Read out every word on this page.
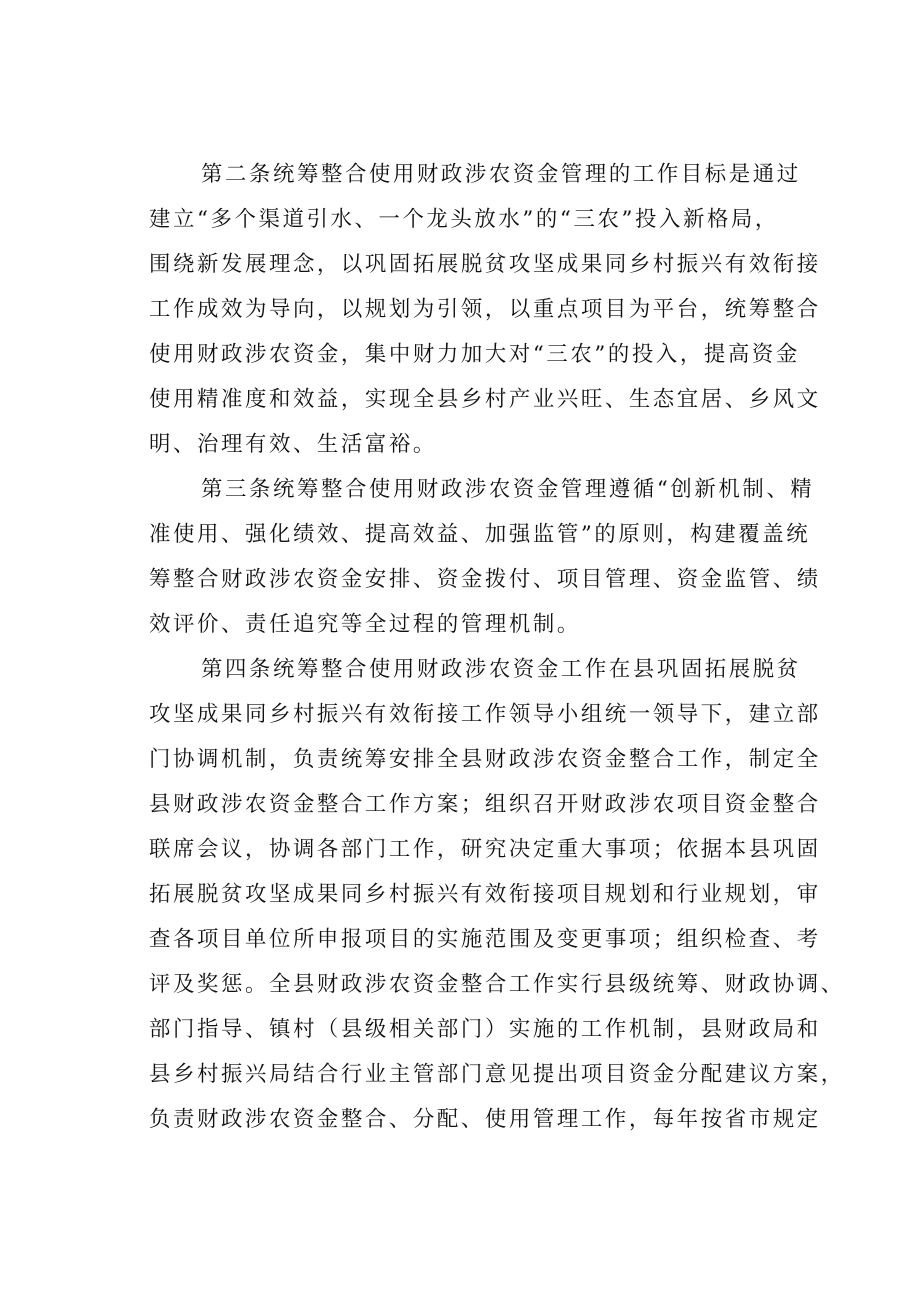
第二条统筹整合使用财政涉农资金管理的工作目标是通过
建立“多个渠道引水、一个龙头放水”的“三农”投入新格局，
围绕新发展理念，以巩固拓展脱贫攻坚成果同乡村振兴有效衔接
工作成效为导向，以规划为引领，以重点项目为平台，统筹整合
使用财政涉农资金，集中财力加大对“三农”的投入，提高资金
使用精准度和效益，实现全县乡村产业兴旺、生态宜居、乡风文
明、治理有效、生活富裕。
第三条统筹整合使用财政涉农资金管理遵循“创新机制、精
准使用、强化绩效、提高效益、加强监管”的原则，构建覆盖统
筹整合财政涉农资金安排、资金拨付、项目管理、资金监管、绩
效评价、责任追究等全过程的管理机制。
第四条统筹整合使用财政涉农资金工作在县巩固拓展脱贫
攻坚成果同乡村振兴有效衔接工作领导小组统一领导下，建立部
门协调机制，负责统筹安排全县财政涉农资金整合工作，制定全
县财政涉农资金整合工作方案；组织召开财政涉农项目资金整合
联席会议，协调各部门工作，研究决定重大事项；依据本县巩固
拓展脱贫攻坚成果同乡村振兴有效衔接项目规划和行业规划，审
查各项目单位所申报项目的实施范围及变更事项；组织检查、考
评及奖惩。全县财政涉农资金整合工作实行县级统筹、财政协调、
部门指导、镇村（县级相关部门）实施的工作机制，县财政局和
县乡村振兴局结合行业主管部门意见提出项目资金分配建议方案，
负责财政涉农资金整合、分配、使用管理工作，每年按省市规定
